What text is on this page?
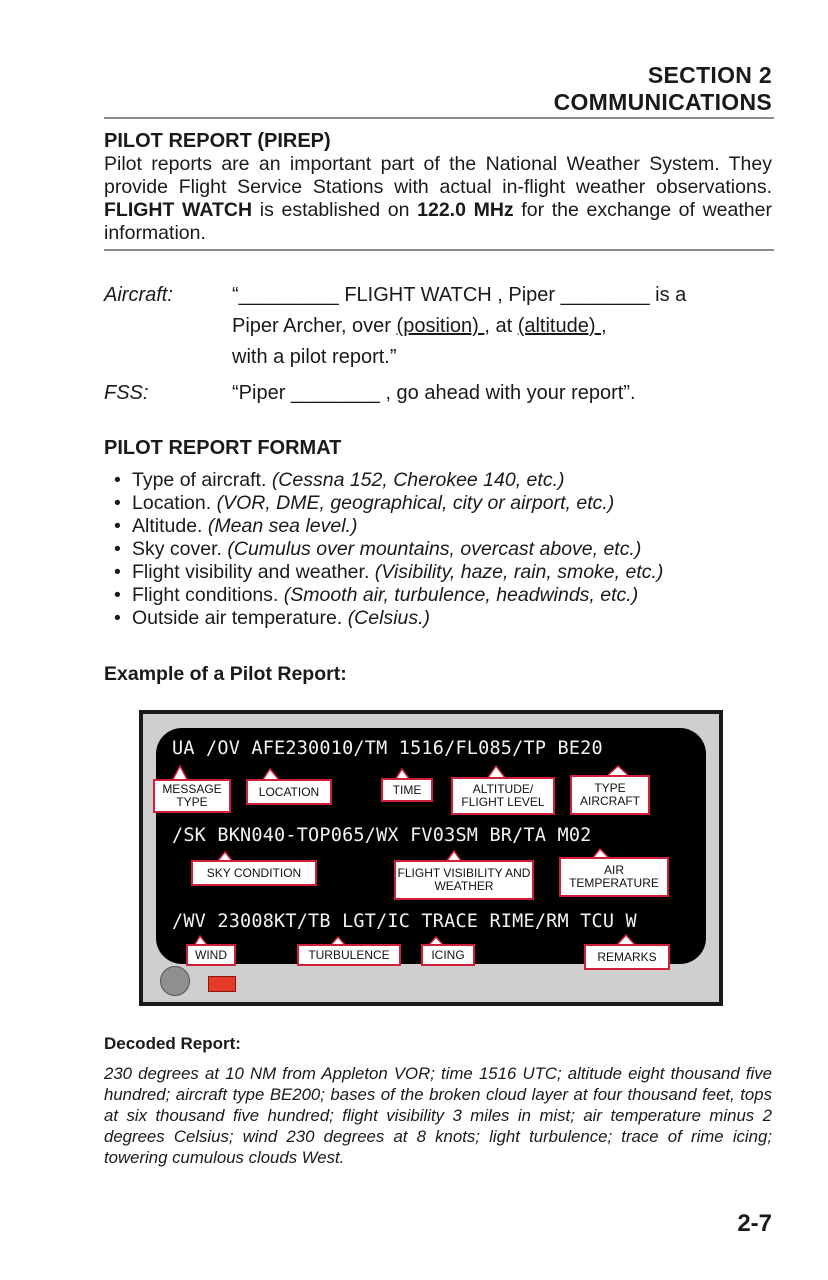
SECTION 2
COMMUNICATIONS
PILOT REPORT (PIREP)
Pilot reports are an important part of the National Weather System. They provide Flight Service Stations with actual in-flight weather observations. FLIGHT WATCH is established on 122.0 MHz for the exchange of weather information.
Aircraft:	“_________ FLIGHT WATCH , Piper ________ is a
Piper Archer, over (position) , at (altitude) ,
with a pilot report.”
FSS:	“Piper ________ , go ahead with your report”.
PILOT REPORT FORMAT
• Type of aircraft. (Cessna 152, Cherokee 140, etc.)
• Location. (VOR, DME, geographical, city or airport, etc.)
• Altitude. (Mean sea level.)
• Sky cover. (Cumulus over mountains, overcast above, etc.)
• Flight visibility and weather. (Visibility, haze, rain, smoke, etc.)
• Flight conditions. (Smooth air, turbulence, headwinds, etc.)
• Outside air temperature. (Celsius.)
Example of a Pilot Report:
UA /OV AFE230010/TM 1516/FL085/TP BE20
/SK BKN040-TOP065/WX FV03SM BR/TA M02
/WV 23008KT/TB LGT/IC TRACE RIME/RM TCU W
MESSAGE TYPE
LOCATION	TIME	ALTITUDE/ FLIGHT LEVEL
TYPE AIRCRAFT
SKY CONDITION	FLIGHT VISIBILITY AND WEATHER
AIR TEMPERATURE
WIND	TURBULENCE	ICING	REMARKS
Decoded Report:
230 degrees at 10 NM from Appleton VOR; time 1516 UTC; altitude eight thousand five hundred; aircraft type BE200; bases of the broken cloud layer at four thousand feet, tops at six thousand five hundred; flight visibility 3 miles in mist; air temperature minus 2 degrees Celsius; wind 230 degrees at 8 knots; light turbulence; trace of rime icing; towering cumulous clouds West.
2-7
